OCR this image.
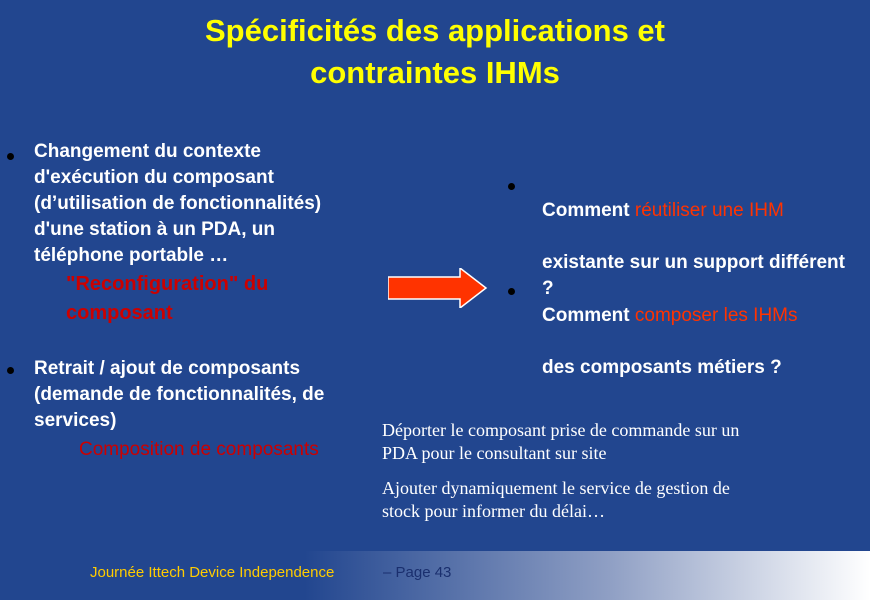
Spécificités des applications et
contraintes IHMs
Changement du contexte
d'exécution du composant
(d’utilisation de fonctionnalités)
d'une station à un PDA, un
téléphone portable …
"Reconfiguration" du
composant
Retrait / ajout de composants
(demande de fonctionnalités, de
services)
Composition de composants

Comment réutiliser une IHM

existante sur un support différent
?

Comment composer les IHMs

des composants métiers ?

Déporter le composant prise de commande sur un
PDA pour le consultant sur site
Ajouter dynamiquement le service de gestion de
stock pour informer du délai…
Journée Ittech Device Independence	– Page 43
